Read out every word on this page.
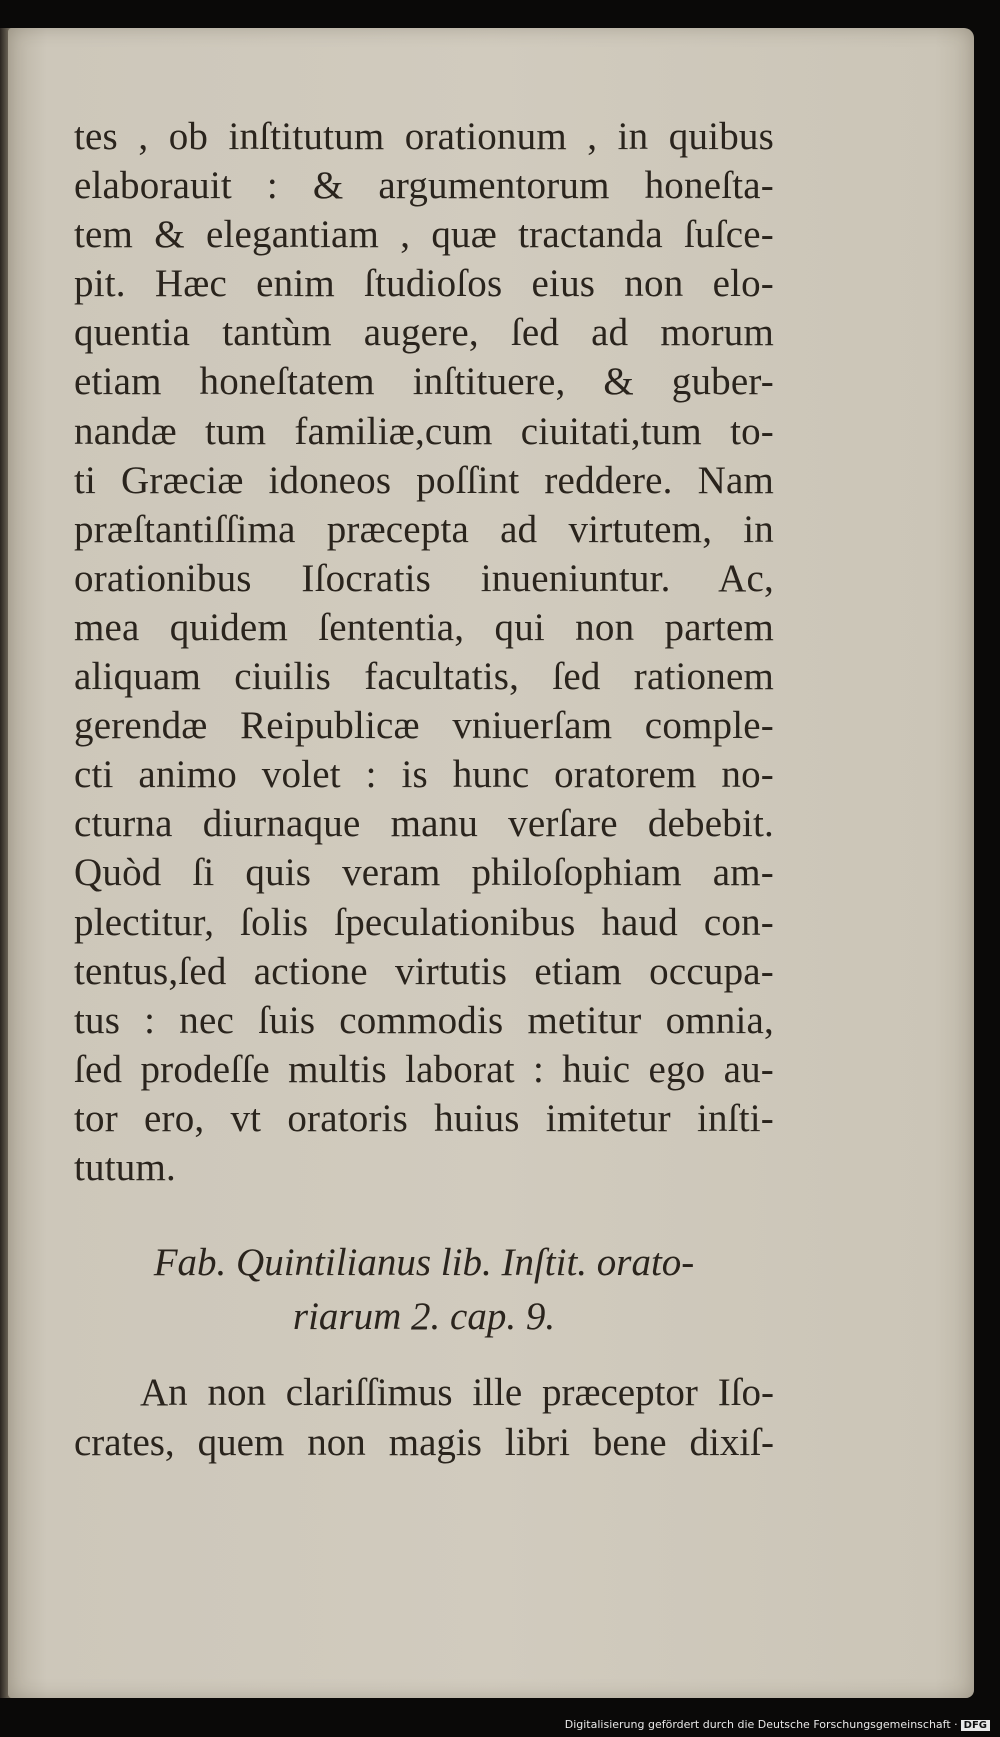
tes , ob inſtitutum orationum , in quibus
elaborauit : & argumentorum honeſta-
tem & elegantiam , quæ tractanda ſuſce-
pit. Hæc enim ſtudioſos eius non elo-
quentia tantùm augere, ſed ad morum
etiam honeſtatem inſtituere, & guber-
nandæ tum familiæ,cum ciuitati,tum to-
ti Græciæ idoneos poſſint reddere. Nam
præſtantiſſima præcepta ad virtutem, in
orationibus Iſocratis inueniuntur. Ac,
mea quidem ſententia, qui non partem
aliquam ciuilis facultatis, ſed rationem
gerendæ Reipublicæ vniuerſam comple-
cti animo volet : is hunc oratorem no-
cturna diurnaque manu verſare debebit.
Quòd ſi quis veram philoſophiam am-
plectitur, ſolis ſpeculationibus haud con-
tentus,ſed actione virtutis etiam occupa-
tus : nec ſuis commodis metitur omnia,
ſed prodeſſe multis laborat : huic ego au-
tor ero, vt oratoris huius imitetur inſti-
tutum.
Fab. Quintilianus lib. Inſtit. orato-
riarum 2. cap. 9.
An non clariſſimus ille præceptor Iſo-
crates, quem non magis libri bene dixiſ-
Digitalisierung gefördert durch die Deutsche Forschungsgemeinschaft · DFG
